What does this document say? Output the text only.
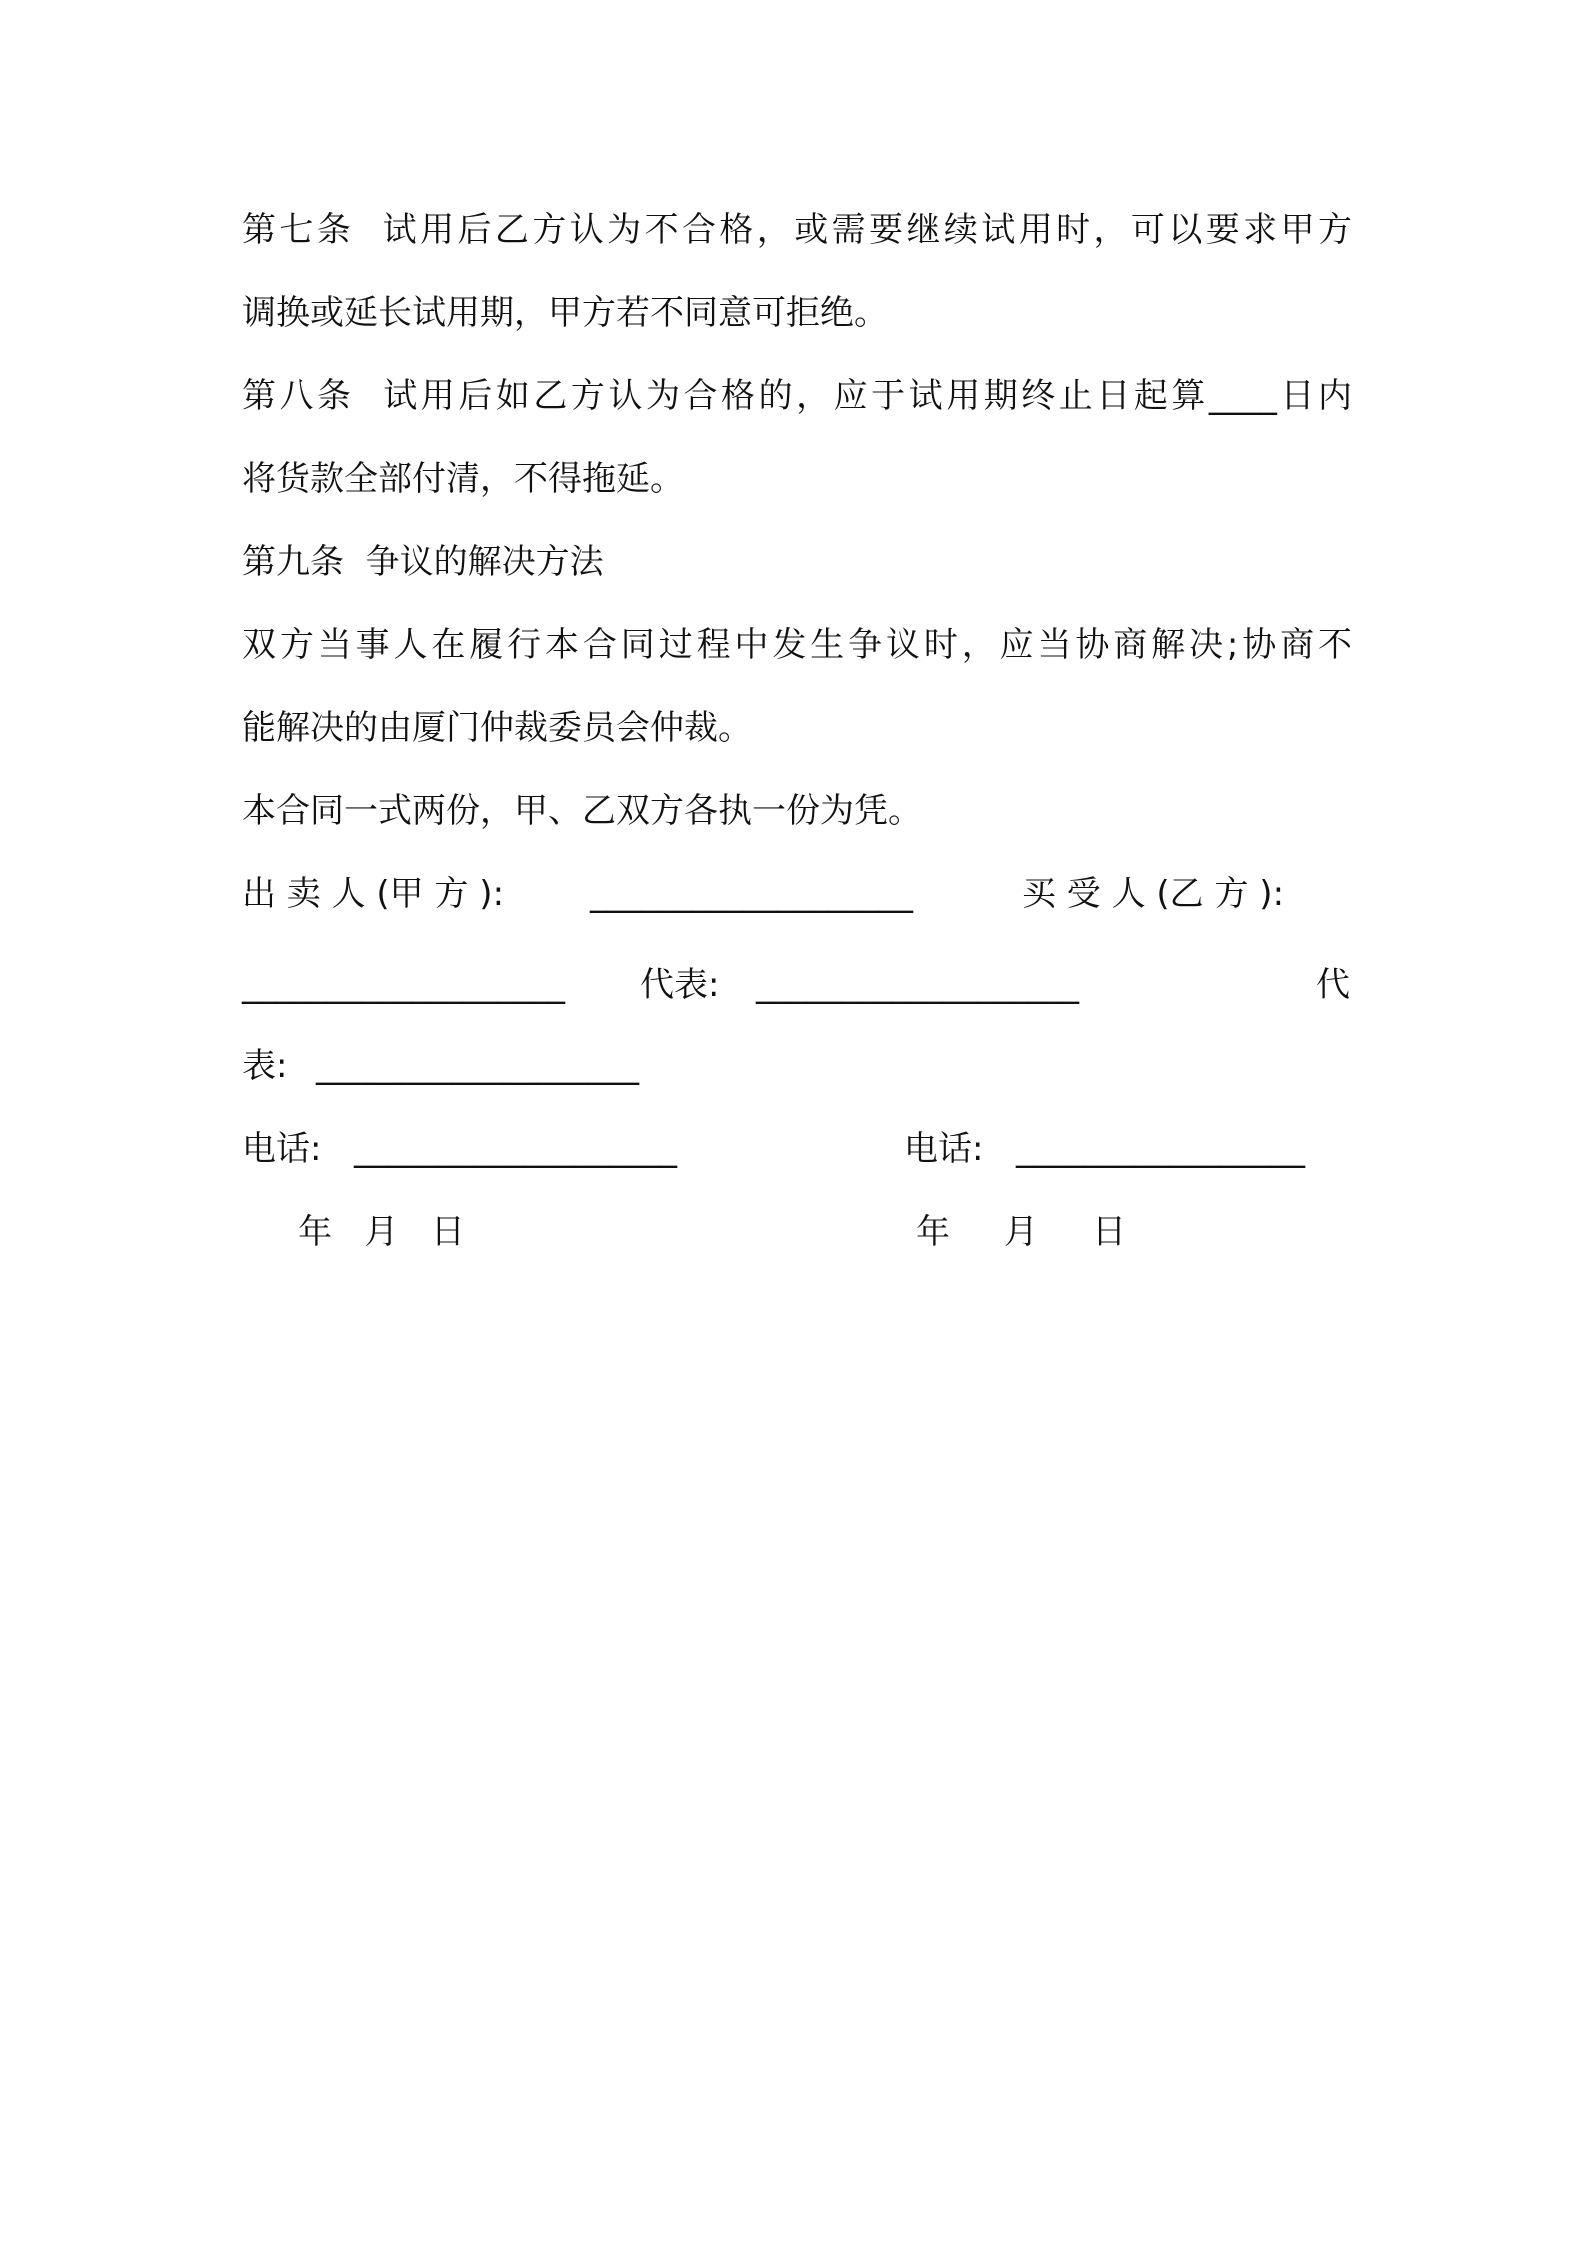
第七条  试用后乙方认为不合格，或需要继续试用时，可以要求甲方
调换或延长试用期，甲方若不同意可拒绝。
第八条  试用后如乙方认为合格的，应于试用期终止日起算____日内
将货款全部付清，不得拖延。
第九条  争议的解决方法
双方当事人在履行本合同过程中发生争议时，应当协商解决;协商不
能解决的由厦门仲裁委员会仲裁。
本合同一式两份，甲、乙双方各执一份为凭。
出 卖 人 (甲 方 ):	___________________	买 受 人 (乙 方 ):
___________________ 代表: ___________________	代
表: ___________________
电话: ___________________	电话: _________________
年   月   日	年     月     日
